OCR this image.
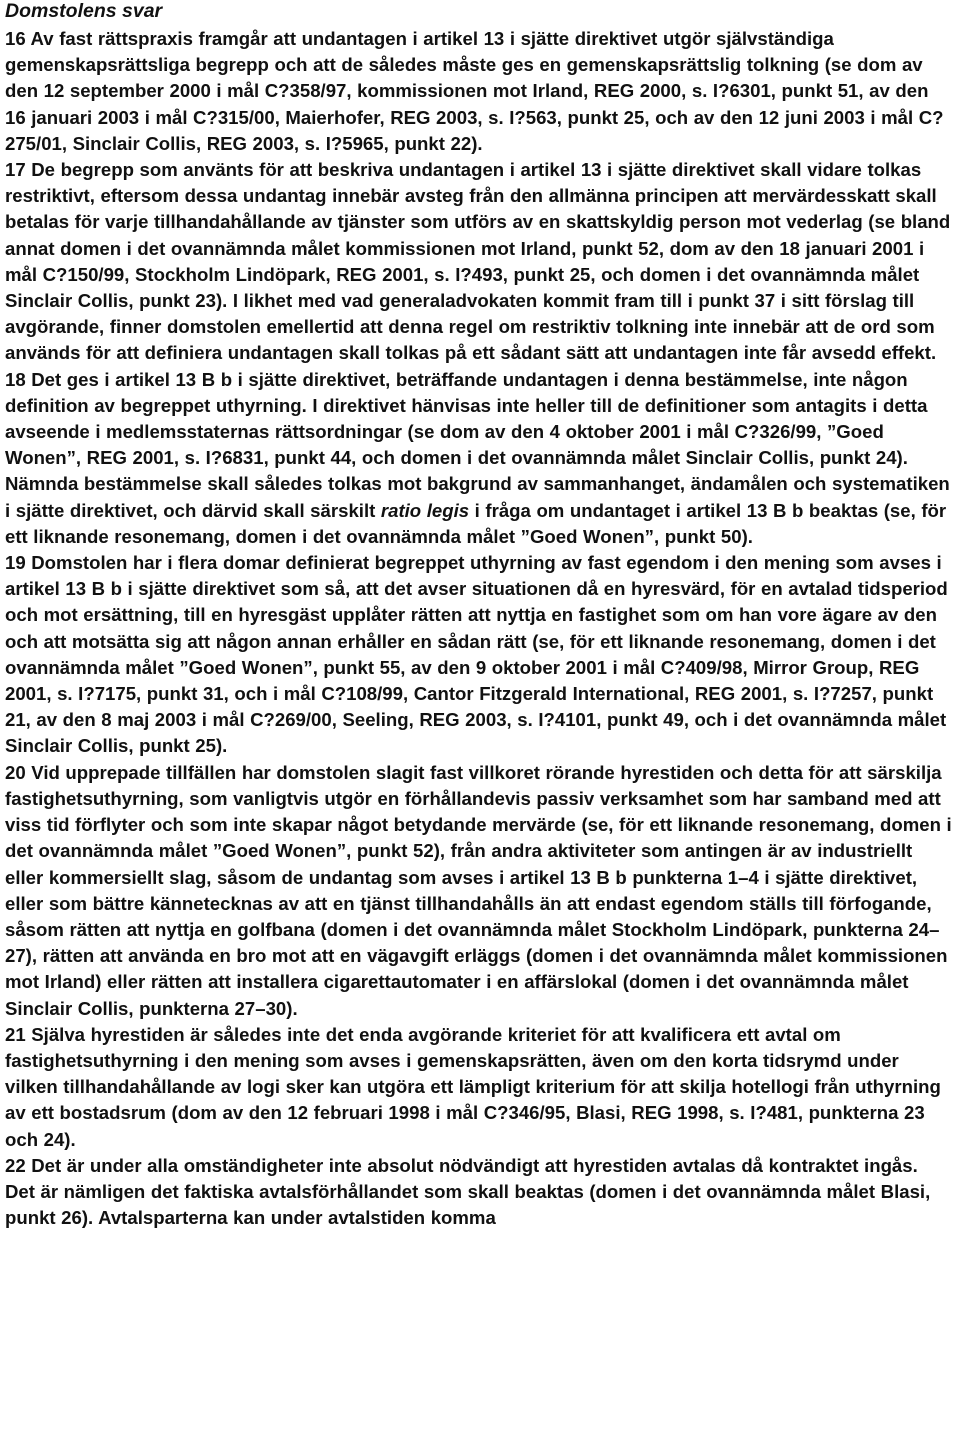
Domstolens svar

16 Av fast rättspraxis framgår att undantagen i artikel 13 i sjätte direktivet utgör självständiga gemenskapsrättsliga begrepp och att de således måste ges en gemenskapsrättslig tolkning (se dom av den 12 september 2000 i mål C?358/97, kommissionen mot Irland, REG 2000, s. I?6301, punkt 51, av den 16 januari 2003 i mål C?315/00, Maierhofer, REG 2003, s. I?563, punkt 25, och av den 12 juni 2003 i mål C?275/01, Sinclair Collis, REG 2003, s. I?5965, punkt 22).

17 De begrepp som använts för att beskriva undantagen i artikel 13 i sjätte direktivet skall vidare tolkas restriktivt, eftersom dessa undantag innebär avsteg från den allmänna principen att mervärdesskatt skall betalas för varje tillhandahållande av tjänster som utförs av en skattskyldig person mot vederlag (se bland annat domen i det ovannämnda målet kommissionen mot Irland, punkt 52, dom av den 18 januari 2001 i mål C?150/99, Stockholm Lindöpark, REG 2001, s. I?493, punkt 25, och domen i det ovannämnda målet Sinclair Collis, punkt 23). I likhet med vad generaladvokaten kommit fram till i punkt 37 i sitt förslag till avgörande, finner domstolen emellertid att denna regel om restriktiv tolkning inte innebär att de ord som används för att definiera undantagen skall tolkas på ett sådant sätt att undantagen inte får avsedd effekt.

18 Det ges i artikel 13 B b i sjätte direktivet, beträffande undantagen i denna bestämmelse, inte någon definition av begreppet uthyrning. I direktivet hänvisas inte heller till de definitioner som antagits i detta avseende i medlemsstaternas rättsordningar (se dom av den 4 oktober 2001 i mål C?326/99, ”Goed Wonen”, REG 2001, s. I?6831, punkt 44, och domen i det ovannämnda målet Sinclair Collis, punkt 24). Nämnda bestämmelse skall således tolkas mot bakgrund av sammanhanget, ändamålen och systematiken i sjätte direktivet, och därvid skall särskilt ratio legis i fråga om undantaget i artikel 13 B b beaktas (se, för ett liknande resonemang, domen i det ovannämnda målet ”Goed Wonen”, punkt 50).

19 Domstolen har i flera domar definierat begreppet uthyrning av fast egendom i den mening som avses i artikel 13 B b i sjätte direktivet som så, att det avser situationen då en hyresvärd, för en avtalad tidsperiod och mot ersättning, till en hyresgäst upplåter rätten att nyttja en fastighet som om han vore ägare av den och att motsätta sig att någon annan erhåller en sådan rätt (se, för ett liknande resonemang, domen i det ovannämnda målet ”Goed Wonen”, punkt 55, av den 9 oktober 2001 i mål C?409/98, Mirror Group, REG 2001, s. I?7175, punkt 31, och i mål C?108/99, Cantor Fitzgerald International, REG 2001, s. I?7257, punkt 21, av den 8 maj 2003 i mål C?269/00, Seeling, REG 2003, s. I?4101, punkt 49, och i det ovannämnda målet Sinclair Collis, punkt 25).

20 Vid upprepade tillfällen har domstolen slagit fast villkoret rörande hyrestiden och detta för att särskilja fastighetsuthyrning, som vanligtvis utgör en förhållandevis passiv verksamhet som har samband med att viss tid förflyter och som inte skapar något betydande mervärde (se, för ett liknande resonemang, domen i det ovannämnda målet ”Goed Wonen”, punkt 52), från andra aktiviteter som antingen är av industriellt eller kommersiellt slag, såsom de undantag som avses i artikel 13 B b punkterna 1–4 i sjätte direktivet, eller som bättre kännetecknas av att en tjänst tillhandahålls än att endast egendom ställs till förfogande, såsom rätten att nyttja en golfbana (domen i det ovannämnda målet Stockholm Lindöpark, punkterna 24–27), rätten att använda en bro mot att en vägavgift erläggs (domen i det ovannämnda målet kommissionen mot Irland) eller rätten att installera cigarettautomater i en affärslokal (domen i det ovannämnda målet Sinclair Collis, punkterna 27–30).

21 Själva hyrestiden är således inte det enda avgörande kriteriet för att kvalificera ett avtal om fastighetsuthyrning i den mening som avses i gemenskapsrätten, även om den korta tidsrymd under vilken tillhandahållande av logi sker kan utgöra ett lämpligt kriterium för att skilja hotellogi från uthyrning av ett bostadsrum (dom av den 12 februari 1998 i mål C?346/95, Blasi, REG 1998, s. I?481, punkterna 23 och 24).

22 Det är under alla omständigheter inte absolut nödvändigt att hyrestiden avtalas då kontraktet ingås. Det är nämligen det faktiska avtalsförhållandet som skall beaktas (domen i det ovannämnda målet Blasi, punkt 26). Avtalsparterna kan under avtalstiden komma
